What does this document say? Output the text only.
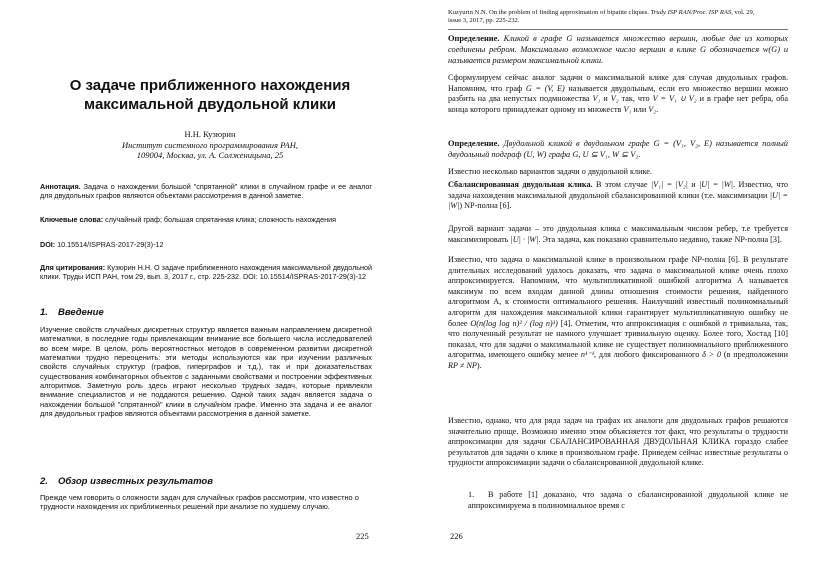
О задаче приближенного нахождения
максимальной двудольной клики
Н.Н. Кузюрин
Институт системного программирования РАН,
109004, Москва, ул. А. Солженицына, 25
Аннотация. Задача о нахождении большой "спрятанной" клики в случайном графе и ее аналог для двудольных графов являются объектами рассмотрения в данной заметке.
Ключевые слова: случайный граф; большая спрятанная клика; сложность нахождения
DOI: 10.15514/ISPRAS-2017-29(3)-12
Для цитирования: Кузюрин Н.Н. О задаче приближенного нахождения максимальной двудольной клики. Труды ИСП РАН, том 29, вып. 3, 2017 г., стр. 225-232. DOI: 10.15514/ISPRAS-2017-29(3)-12
1. Введение
Изучение свойств случайных дискретных структур является важным направлением дискретной математики, в последние годы привлекающим внимание все большего числа исследователей во всем мире. В целом, роль вероятностных методов в современном развитии дискретной математики трудно переоценить: эти методы используются как при изучении различных свойств случайных структур (графов, гиперграфов и т.д.), так и при доказательствах существования комбинаторных объектов с заданными свойствами и построении эффективных алгоритмов. Заметную роль здесь играют несколько трудных задач, которые привлекли внимание специалистов и не поддаются решению. Одной таких задач является задача о нахождении большой "спрятанной" клики в случайном графе. Именно эта задача и ее аналог для двудольных графов являются объектами рассмотрения в данной заметке.
2. Обзор известных результатов
Прежде чем говорить о сложности задач для случайных графов рассмотрим, что известно о трудности нахождения их приближенных решений при анализе по худшему случаю.
225
Kuzyurin N.N. On the problem of finding approximation of bipatite cliques. Trudy ISP RAN/Proc. ISP RAS, vol. 29,
issue 3, 2017, pp. 225-232.
Определение. Кликой в графе G называется множество вершин, любые две из которых соединены ребром. Максимально возможное число вершин в клике G обозначается w(G) и называется размером максимальной клики.
Сформулируем сейчас аналог задачи о максимальной клике для случая двудольных графов. Напомним, что граф G = (V, E) называется двудольным, если его множество вершин можно разбить на два непустых подмножества V₁ и V₂ так, что V = V₁ ∪ V₂ и в графе нет ребра, оба конца которого принадлежат одному из множеств V₁ или V₂.
Определение. Двудольной кликой в двудольном графе G = (V₁, V₂, E) называется полный двудольный подграф (U, W) графа G, U ⊆ V₁, W ⊆ V₂.
Известно несколько вариантов задачи о двудольной клике.
Сбалансированная двудольная клика. В этом случае |V₁| = |V₂| и |U| = |W|. Известно, что задача нахождения максимальной двудольной сбалансированной клики (т.е. максимизации |U| = |W|) NP-полна [6].
Другой вариант задачи – это двудольная клика с максимальным числом ребер, т.е требуется максимизировать |U| · |W|. Эта задача, как показано сравнительно недавно, также NP-полна [3].
Известно, что задача о максимальной клике в произвольном графе NP-полна [6]. В результате длительных исследований удалось доказать, что задача о максимальной клике очень плохо аппроксимируется. Напомним, что мультипликативной ошибкой алгоритма А называется максимум по всем входам данной длины отношения стоимости решения, найденного алгоритмом А, к стоимости оптимального решения. Наилучший известный полиномиальный алгоритм для нахождения максимальной клики гарантирует мультипликативную ошибку не более O(n(log log n)² / (log n)³) [4]. Отметим, что аппроксимация с ошибкой n тривиальна, так, что полученный результат не намного улучшает тривиальную оценку. Более того, Хостад [10] показал, что для задачи о максимальной клике не существует полиномиального приближенного алгоритма, имеющего ошибку менее n¹⁻ᵟ, для любого фиксированного δ > 0 (в предположении RP ≠ NP).
Известно, однако, что для ряда задач на графах их аналоги для двудольных графов решаются значительно проще. Возможно именно этим объясняется тот факт, что результаты о трудности аппроксимации для задачи СБАЛАНСИРОВАННАЯ ДВУДОЛЬНАЯ КЛИКА гораздо слабее результатов для задачи о клике в произвольном графе. Приведем сейчас известные результаты о трудности аппроксимации задачи о сбалансированной двудольной клике.
1. В работе [1] доказано, что задача о сбалансированной двудольной клике не аппроксимируема в полиномиальное время с
226
